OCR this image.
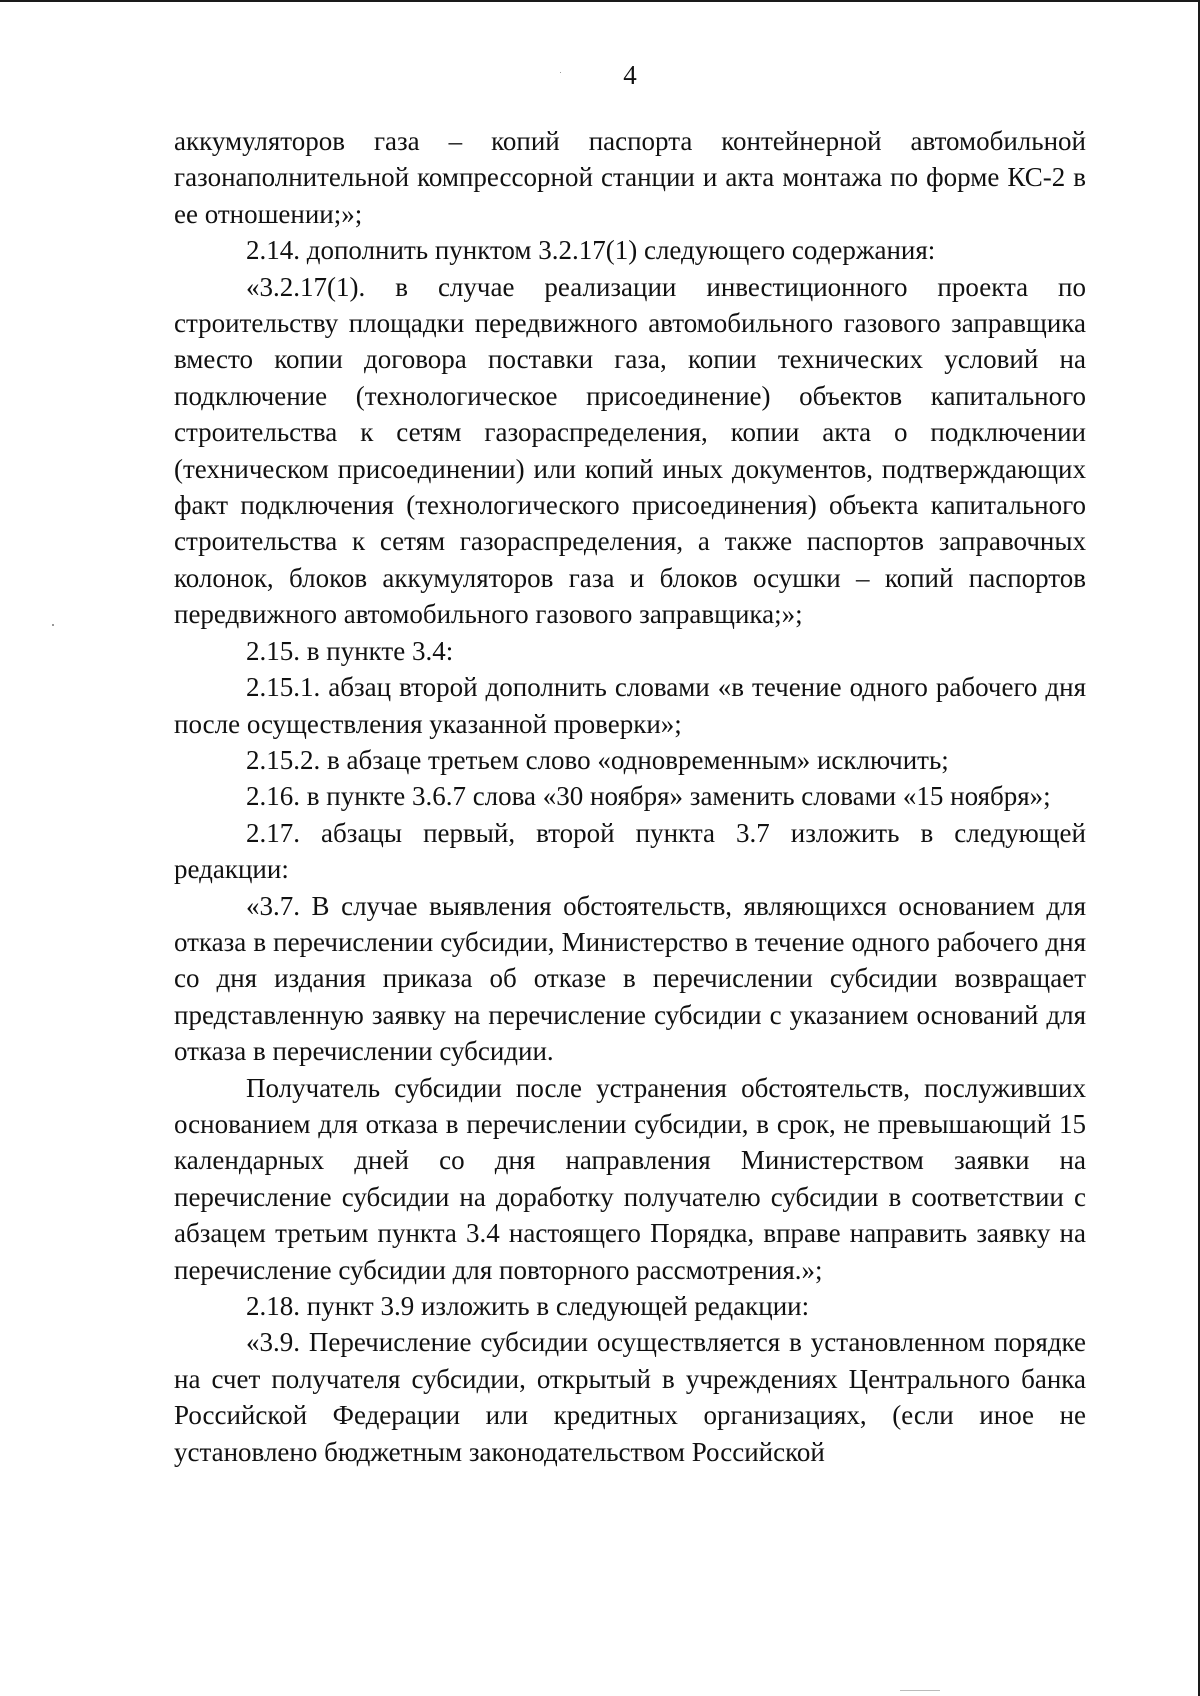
4

аккумуляторов газа – копий паспорта контейнерной автомобильной газонаполнительной компрессорной станции и акта монтажа по форме КС-2 в ее отношении;»;

2.14. дополнить пунктом 3.2.17(1) следующего содержания:

«3.2.17(1). в случае реализации инвестиционного проекта по строительству площадки передвижного автомобильного газового заправщика вместо копии договора поставки газа, копии технических условий на подключение (технологическое присоединение) объектов капитального строительства к сетям газораспределения, копии акта о подключении (техническом присоединении) или копий иных документов, подтверждающих факт подключения (технологического присоединения) объекта капитального строительства к сетям газораспределения, а также паспортов заправочных колонок, блоков аккумуляторов газа и блоков осушки – копий паспортов передвижного автомобильного газового заправщика;»;

2.15. в пункте 3.4:

2.15.1. абзац второй дополнить словами «в течение одного рабочего дня после осуществления указанной проверки»;

2.15.2. в абзаце третьем слово «одновременным» исключить;

2.16. в пункте 3.6.7 слова «30 ноября» заменить словами «15 ноября»;

2.17. абзацы первый, второй пункта 3.7 изложить в следующей редакции:

«3.7. В случае выявления обстоятельств, являющихся основанием для отказа в перечислении субсидии, Министерство в течение одного рабочего дня со дня издания приказа об отказе в перечислении субсидии возвращает представленную заявку на перечисление субсидии с указанием оснований для отказа в перечислении субсидии.

Получатель субсидии после устранения обстоятельств, послуживших основанием для отказа в перечислении субсидии, в срок, не превышающий 15 календарных дней со дня направления Министерством заявки на перечисление субсидии на доработку получателю субсидии в соответствии с абзацем третьим пункта 3.4 настоящего Порядка, вправе направить заявку на перечисление субсидии для повторного рассмотрения.»;

2.18. пункт 3.9 изложить в следующей редакции:

«3.9. Перечисление субсидии осуществляется в установленном порядке на счет получателя субсидии, открытый в учреждениях Центрального банка Российской Федерации или кредитных организациях, (если иное не установлено бюджетным законодательством Российской
